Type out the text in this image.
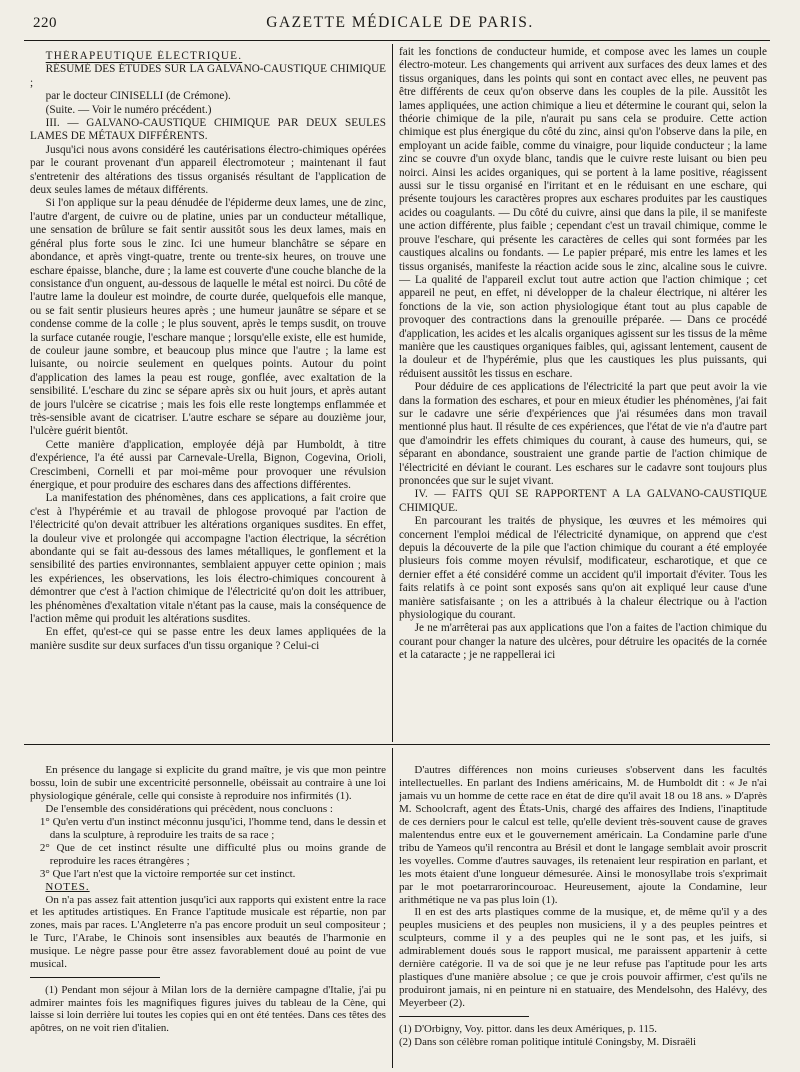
220	GAZETTE MÉDICALE DE PARIS.

THÉRAPEUTIQUE ÉLECTRIQUE.

RÉSUMÉ DES ÉTUDES SUR LA GALVANO-CAUSTIQUE CHIMIQUE ;

par le docteur CINISELLI (de Crémone).

(Suite. — Voir le numéro précédent.)

III. — GALVANO-CAUSTIQUE CHIMIQUE PAR DEUX SEULES LAMES DE MÉTAUX DIFFÉRENTS.

Jusqu'ici nous avons considéré les cautérisations électro-chimiques opérées par le courant provenant d'un appareil électromoteur ; maintenant il faut s'entretenir des altérations des tissus organisés résultant de l'application de deux seules lames de métaux différents.

Si l'on applique sur la peau dénudée de l'épiderme deux lames, une de zinc, l'autre d'argent, de cuivre ou de platine, unies par un conducteur métallique, une sensation de brûlure se fait sentir aussitôt sous les deux lames, mais en général plus forte sous le zinc. Ici une humeur blanchâtre se sépare en abondance, et après vingt-quatre, trente ou trente-six heures, on trouve une eschare épaisse, blanche, dure ; la lame est couverte d'une couche blanche de la consistance d'un onguent, au-dessous de laquelle le métal est noirci. Du côté de l'autre lame la douleur est moindre, de courte durée, quelquefois elle manque, ou se fait sentir plusieurs heures après ; une humeur jaunâtre se sépare et se condense comme de la colle ; le plus souvent, après le temps susdit, on trouve la surface cutanée rougie, l'eschare manque ; lorsqu'elle existe, elle est humide, de couleur jaune sombre, et beaucoup plus mince que l'autre ; la lame est luisante, ou noircie seulement en quelques points. Autour du point d'application des lames la peau est rouge, gonflée, avec exaltation de la sensibilité. L'eschare du zinc se sépare après six ou huit jours, et après autant de jours l'ulcère se cicatrise ; mais les fois elle reste longtemps enflammée et très-sensible avant de cicatriser. L'autre eschare se sépare au douzième jour, l'ulcère guérit bientôt.

Cette manière d'application, employée déjà par Humboldt, à titre d'expérience, l'a été aussi par Carnevale-Urella, Bignon, Cogevina, Orioli, Crescimbeni, Cornelli et par moi-même pour provoquer une révulsion énergique, et pour produire des eschares dans des affections différentes.

La manifestation des phénomènes, dans ces applications, a fait croire que c'est à l'hypérémie et au travail de phlogose provoqué par l'action de l'électricité qu'on devait attribuer les altérations organiques susdites. En effet, la douleur vive et prolongée qui accompagne l'action électrique, la sécrétion abondante qui se fait au-dessous des lames métalliques, le gonflement et la sensibilité des parties environnantes, semblaient appuyer cette opinion ; mais les expériences, les observations, les lois électro-chimiques concourent à démontrer que c'est à l'action chimique de l'électricité qu'on doit les attribuer, les phénomènes d'exaltation vitale n'étant pas la cause, mais la conséquence de l'action même qui produit les altérations susdites.

En effet, qu'est-ce qui se passe entre les deux lames appliquées de la manière susdite sur deux surfaces d'un tissu organique ? Celui-ci

fait les fonctions de conducteur humide, et compose avec les lames un couple électro-moteur. Les changements qui arrivent aux surfaces des deux lames et des tissus organiques, dans les points qui sont en contact avec elles, ne peuvent pas être différents de ceux qu'on observe dans les couples de la pile. Aussitôt les lames appliquées, une action chimique a lieu et détermine le courant qui, selon la théorie chimique de la pile, n'aurait pu sans cela se produire. Cette action chimique est plus énergique du côté du zinc, ainsi qu'on l'observe dans la pile, en employant un acide faible, comme du vinaigre, pour liquide conducteur ; la lame zinc se couvre d'un oxyde blanc, tandis que le cuivre reste luisant ou bien peu noirci. Ainsi les acides organiques, qui se portent à la lame positive, réagissent aussi sur le tissu organisé en l'irritant et en le réduisant en une eschare, qui présente toujours les caractères propres aux eschares produites par les caustiques acides ou coagulants. — Du côté du cuivre, ainsi que dans la pile, il se manifeste une action différente, plus faible ; cependant c'est un travail chimique, comme le prouve l'eschare, qui présente les caractères de celles qui sont formées par les caustiques alcalins ou fondants. — Le papier préparé, mis entre les lames et les tissus organisés, manifeste la réaction acide sous le zinc, alcaline sous le cuivre. — La qualité de l'appareil exclut tout autre action que l'action chimique ; cet appareil ne peut, en effet, ni développer de la chaleur électrique, ni altérer les fonctions de la vie, son action physiologique étant tout au plus capable de provoquer des contractions dans la grenouille préparée. — Dans ce procédé d'application, les acides et les alcalis organiques agissent sur les tissus de la même manière que les caustiques organiques faibles, qui, agissant lentement, causent de la douleur et de l'hypérémie, plus que les caustiques les plus puissants, qui réduisent aussitôt les tissus en eschare.

Pour déduire de ces applications de l'électricité la part que peut avoir la vie dans la formation des eschares, et pour en mieux étudier les phénomènes, j'ai fait sur le cadavre une série d'expériences que j'ai résumées dans mon travail mentionné plus haut. Il résulte de ces expériences, que l'état de vie n'a d'autre part que d'amoindrir les effets chimiques du courant, à cause des humeurs, qui, se séparant en abondance, soustraient une grande partie de l'action chimique de l'électricité en déviant le courant. Les eschares sur le cadavre sont toujours plus prononcées que sur le sujet vivant.

IV. — FAITS QUI SE RAPPORTENT A LA GALVANO-CAUSTIQUE CHIMIQUE.

En parcourant les traités de physique, les œuvres et les mémoires qui concernent l'emploi médical de l'électricité dynamique, on apprend que c'est depuis la découverte de la pile que l'action chimique du courant a été employée plusieurs fois comme moyen révulsif, modificateur, escharotique, et que ce dernier effet a été considéré comme un accident qu'il importait d'éviter. Tous les faits relatifs à ce point sont exposés sans qu'on ait expliqué leur cause d'une manière satisfaisante ; on les a attribués à la chaleur électrique ou à l'action physiologique du courant.

Je ne m'arrêterai pas aux applications que l'on a faites de l'action chimique du courant pour changer la nature des ulcères, pour détruire les opacités de la cornée et la cataracte ; je ne rappellerai ici

En présence du langage si explicite du grand maître, je vis que mon peintre bossu, loin de subir une excentricité personnelle, obéissait au contraire à une loi physiologique générale, celle qui consiste à reproduire nos infirmités (1).

De l'ensemble des considérations qui précèdent, nous concluons :

1° Qu'en vertu d'un instinct méconnu jusqu'ici, l'homme tend, dans le dessin et dans la sculpture, à reproduire les traits de sa race ;

2° Que de cet instinct résulte une difficulté plus ou moins grande de reproduire les races étrangères ;

3° Que l'art n'est que la victoire remportée sur cet instinct.

NOTES.

On n'a pas assez fait attention jusqu'ici aux rapports qui existent entre la race et les aptitudes artistiques. En France l'aptitude musicale est répartie, non par zones, mais par races. L'Angleterre n'a pas encore produit un seul compositeur ; le Turc, l'Arabe, le Chinois sont insensibles aux beautés de l'harmonie en musique. Le nègre passe pour être assez favorablement doué au point de vue musical.

(1) Pendant mon séjour à Milan lors de la dernière campagne d'Italie, j'ai pu admirer maintes fois les magnifiques figures juives du tableau de la Cène, qui laisse si loin derrière lui toutes les copies qui en ont été tentées. Dans ces têtes des apôtres, on ne voit rien d'italien.

D'autres différences non moins curieuses s'observent dans les facultés intellectuelles. En parlant des Indiens américains, M. de Humboldt dit : « Je n'ai jamais vu un homme de cette race en état de dire qu'il avait 18 ou 18 ans. » D'après M. Schoolcraft, agent des États-Unis, chargé des affaires des Indiens, l'inaptitude de ces derniers pour le calcul est telle, qu'elle devient très-souvent cause de graves malentendus entre eux et le gouvernement américain. La Condamine parle d'une tribu de Yameos qu'il rencontra au Brésil et dont le langage semblait avoir proscrit les voyelles. Comme d'autres sauvages, ils retenaient leur respiration en parlant, et les mots étaient d'une longueur démesurée. Ainsi le monosyllabe trois s'exprimait par le mot poetarrarorincouroac. Heureusement, ajoute la Condamine, leur arithmétique ne va pas plus loin (1).

Il en est des arts plastiques comme de la musique, et, de même qu'il y a des peuples musiciens et des peuples non musiciens, il y a des peuples peintres et sculpteurs, comme il y a des peuples qui ne le sont pas, et les juifs, si admirablement doués sous le rapport musical, me paraissent appartenir à cette dernière catégorie. Il va de soi que je ne leur refuse pas l'aptitude pour les arts plastiques d'une manière absolue ; ce que je crois pouvoir affirmer, c'est qu'ils ne produiront jamais, ni en peinture ni en statuaire, des Mendelsohn, des Halévy, des Meyerbeer (2).

(1) D'Orbigny, Voy. pittor. dans les deux Amériques, p. 115.

(2) Dans son célèbre roman politique intitulé Coningsby, M. Disraëli
